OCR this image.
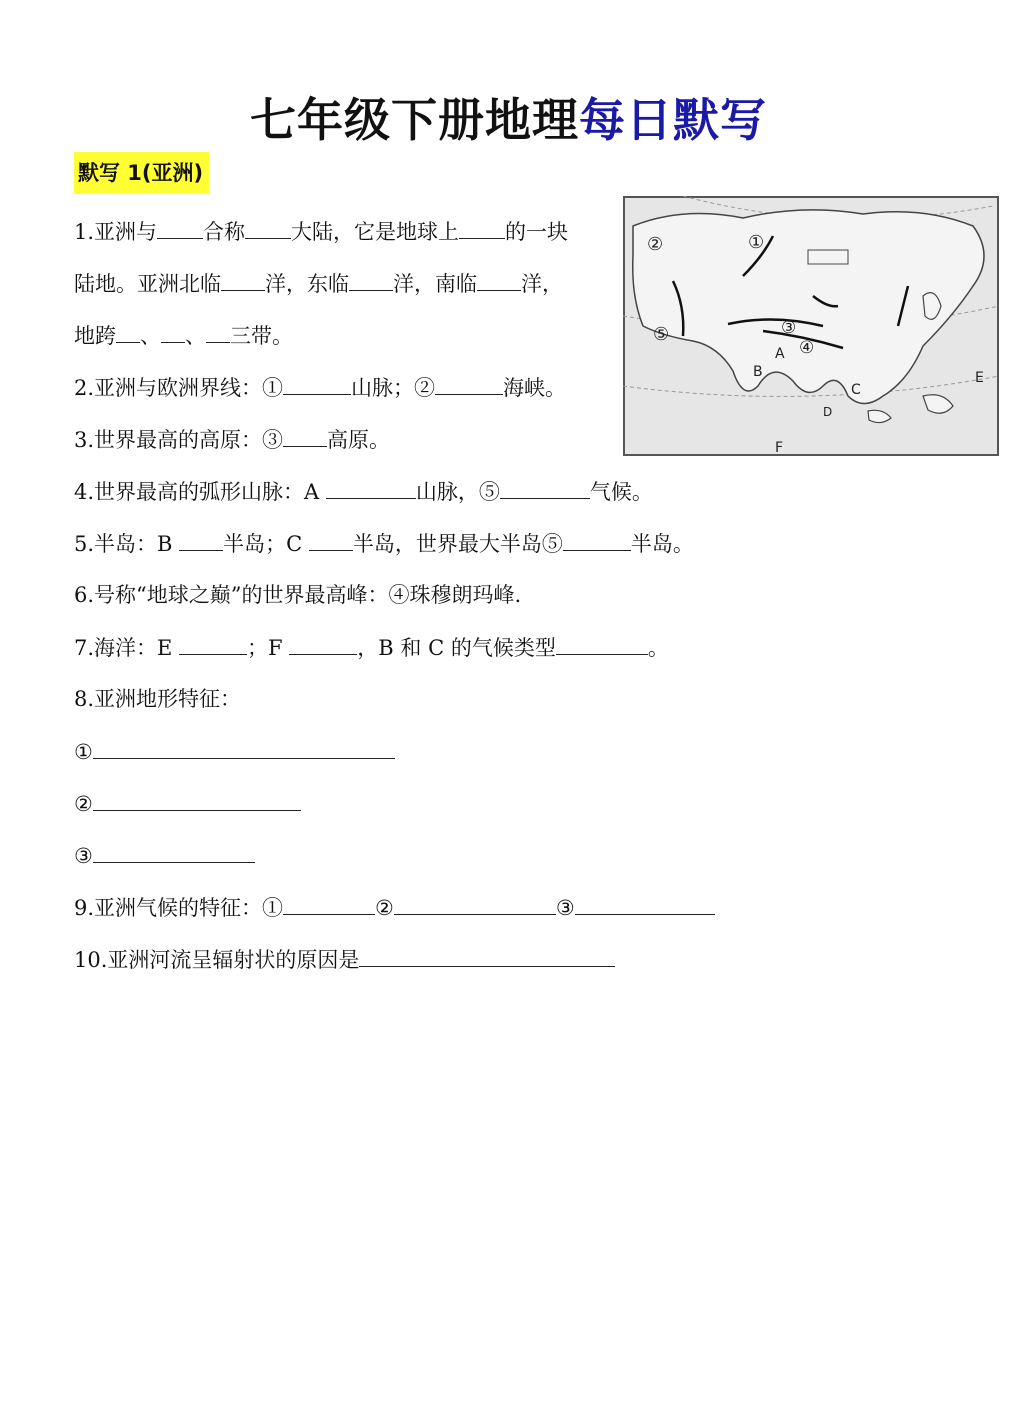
七年级下册地理每日默写
默写 1(亚洲)
1.亚洲与 合称 大陆，它是地球上 的一块
陆地。亚洲北临 洋，东临 洋，南临 洋，
地跨 、 、 三带。
2.亚洲与欧洲界线：①	山脉；②	海峡。
3.世界最高的高原：③ 高原。
4.世界最高的弧形山脉：A	山脉，⑤	气候。
5.半岛：B 半岛；C 半岛，世界最大半岛⑤	半岛。
6.号称“地球之巅”的世界最高峰：④珠穆朗玛峰.
7.海洋：E	；F	，B 和 C 的气候类型	。
8.亚洲地形特征：
①
②
③
9.亚洲气候的特征：①	②	③
10.亚洲河流呈辐射状的原因是
①
②
③
④
⑤
A
B
C
D
E
F
